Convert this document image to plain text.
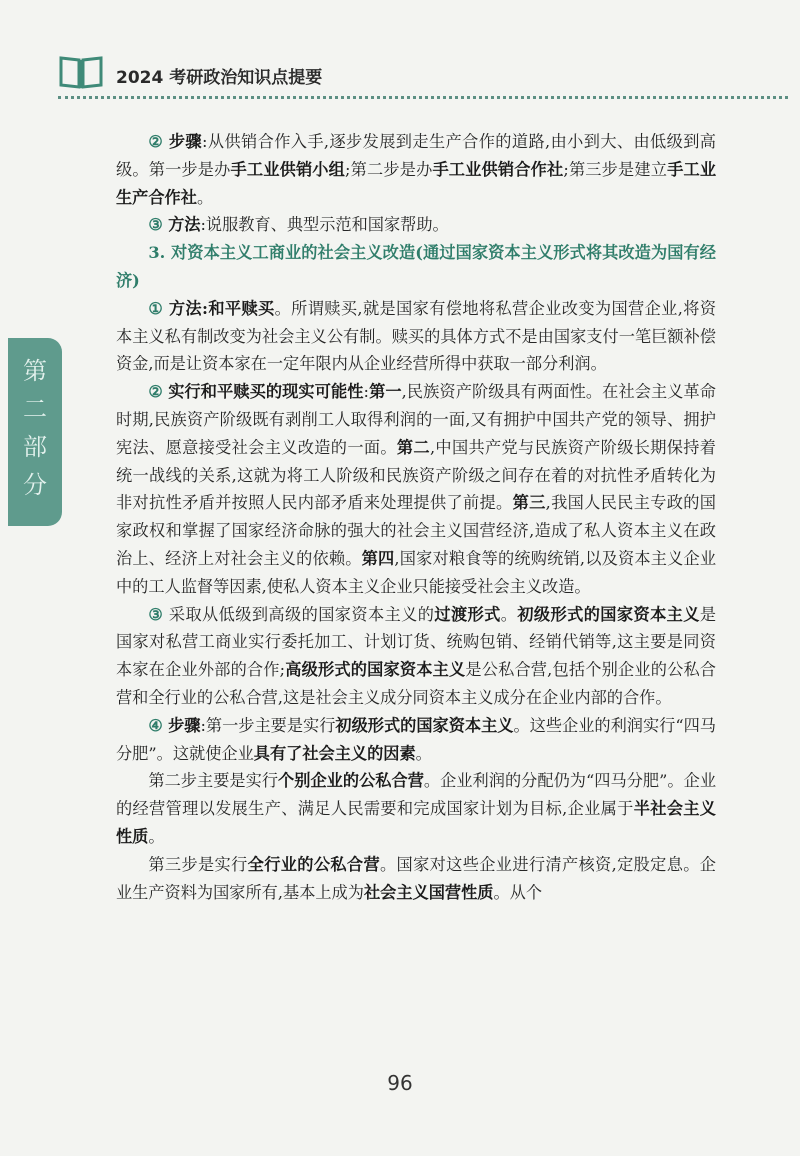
2024 考研政治知识点提要
第二部分

② 步骤:从供销合作入手,逐步发展到走生产合作的道路,由小到大、由低级到高级。第一步是办手工业供销小组;第二步是办手工业供销合作社;第三步是建立手工业生产合作社。

③ 方法:说服教育、典型示范和国家帮助。

3. 对资本主义工商业的社会主义改造(通过国家资本主义形式将其改造为国有经济)

① 方法:和平赎买。所谓赎买,就是国家有偿地将私营企业改变为国营企业,将资本主义私有制改变为社会主义公有制。赎买的具体方式不是由国家支付一笔巨额补偿资金,而是让资本家在一定年限内从企业经营所得中获取一部分利润。

② 实行和平赎买的现实可能性:第一,民族资产阶级具有两面性。在社会主义革命时期,民族资产阶级既有剥削工人取得利润的一面,又有拥护中国共产党的领导、拥护宪法、愿意接受社会主义改造的一面。第二,中国共产党与民族资产阶级长期保持着统一战线的关系,这就为将工人阶级和民族资产阶级之间存在着的对抗性矛盾转化为非对抗性矛盾并按照人民内部矛盾来处理提供了前提。第三,我国人民民主专政的国家政权和掌握了国家经济命脉的强大的社会主义国营经济,造成了私人资本主义在政治上、经济上对社会主义的依赖。第四,国家对粮食等的统购统销,以及资本主义企业中的工人监督等因素,使私人资本主义企业只能接受社会主义改造。

③ 采取从低级到高级的国家资本主义的过渡形式。初级形式的国家资本主义是国家对私营工商业实行委托加工、计划订货、统购包销、经销代销等,这主要是同资本家在企业外部的合作;高级形式的国家资本主义是公私合营,包括个别企业的公私合营和全行业的公私合营,这是社会主义成分同资本主义成分在企业内部的合作。

④ 步骤:第一步主要是实行初级形式的国家资本主义。这些企业的利润实行“四马分肥”。这就使企业具有了社会主义的因素。

第二步主要是实行个别企业的公私合营。企业利润的分配仍为“四马分肥”。企业的经营管理以发展生产、满足人民需要和完成国家计划为目标,企业属于半社会主义性质。

第三步是实行全行业的公私合营。国家对这些企业进行清产核资,定股定息。企业生产资料为国家所有,基本上成为社会主义国营性质。从个

96
